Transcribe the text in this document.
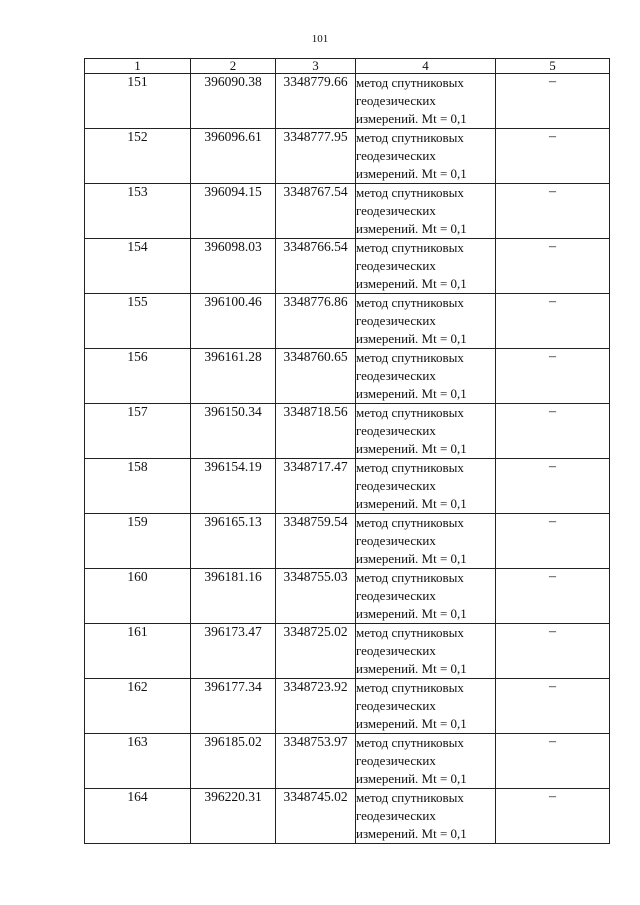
101
1	2	3	4	5
151	396090.38	3348779.66	метод спутниковых
геодезических
измерений. Mt = 0,1	–
152	396096.61	3348777.95	метод спутниковых
геодезических
измерений. Mt = 0,1	–
153	396094.15	3348767.54	метод спутниковых
геодезических
измерений. Mt = 0,1	–
154	396098.03	3348766.54	метод спутниковых
геодезических
измерений. Mt = 0,1	–
155	396100.46	3348776.86	метод спутниковых
геодезических
измерений. Mt = 0,1	–
156	396161.28	3348760.65	метод спутниковых
геодезических
измерений. Mt = 0,1	–
157	396150.34	3348718.56	метод спутниковых
геодезических
измерений. Mt = 0,1	–
158	396154.19	3348717.47	метод спутниковых
геодезических
измерений. Mt = 0,1	–
159	396165.13	3348759.54	метод спутниковых
геодезических
измерений. Mt = 0,1	–
160	396181.16	3348755.03	метод спутниковых
геодезических
измерений. Mt = 0,1	–
161	396173.47	3348725.02	метод спутниковых
геодезических
измерений. Mt = 0,1	–
162	396177.34	3348723.92	метод спутниковых
геодезических
измерений. Mt = 0,1	–
163	396185.02	3348753.97	метод спутниковых
геодезических
измерений. Mt = 0,1	–
164	396220.31	3348745.02	метод спутниковых
геодезических
измерений. Mt = 0,1	–
